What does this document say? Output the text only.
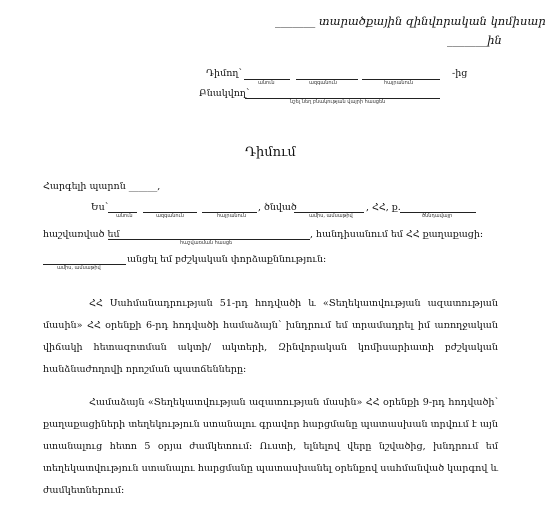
_______ տարածքային զինվորական կոմիսար
_______ին
Դիմող՝	-ից
անուն	ազգանուն	հայրանուն
Բնակվող՝
նշել նեղ բնակության վայրի հասցեն
Դիմում
Հարգելի պարոն ______,
Ես՝	, ծնված	, ՀՀ, ք.
անուն	ազգանուն	հայրանուն	ամիս, ամսաթիվ	ծննդավայր
հաշվառված եմ	, հանդիսանում եմ ՀՀ քաղաքացի:
հաշվառման հասցե
անցել եմ բժշկական փորձաքննություն:
ամիս, ամսաթիվ
ՀՀ Սահմանադրության 51-րդ հոդվածի և «Տեղեկատվության ազատության մասին» ՀՀ օրենքի 6-րդ հոդվածի համաձայն՝ խնդրում եմ տրամադրել իմ առողջական վիճակի հետազոտման ակտի/ ակտերի, Զինվորական կոմիսարիատի բժշկական հանձնաժողովի որոշման պատճենները:
Համաձայն «Տեղեկատվության ազատության մասին» ՀՀ օրենքի 9-րդ հոդվածի՝ քաղաքացիների տեղեկություն ստանալու գրավոր հարցմանը պատասխան տրվում է այն ստանալուց հետո 5 օրյա ժամկետում: Ուստի, ելնելով վերը նշվածից, խնդրում եմ տեղեկատվություն ստանալու հարցմանը պատասխանել օրենքով սահմանված կարգով և ժամկետներում:
